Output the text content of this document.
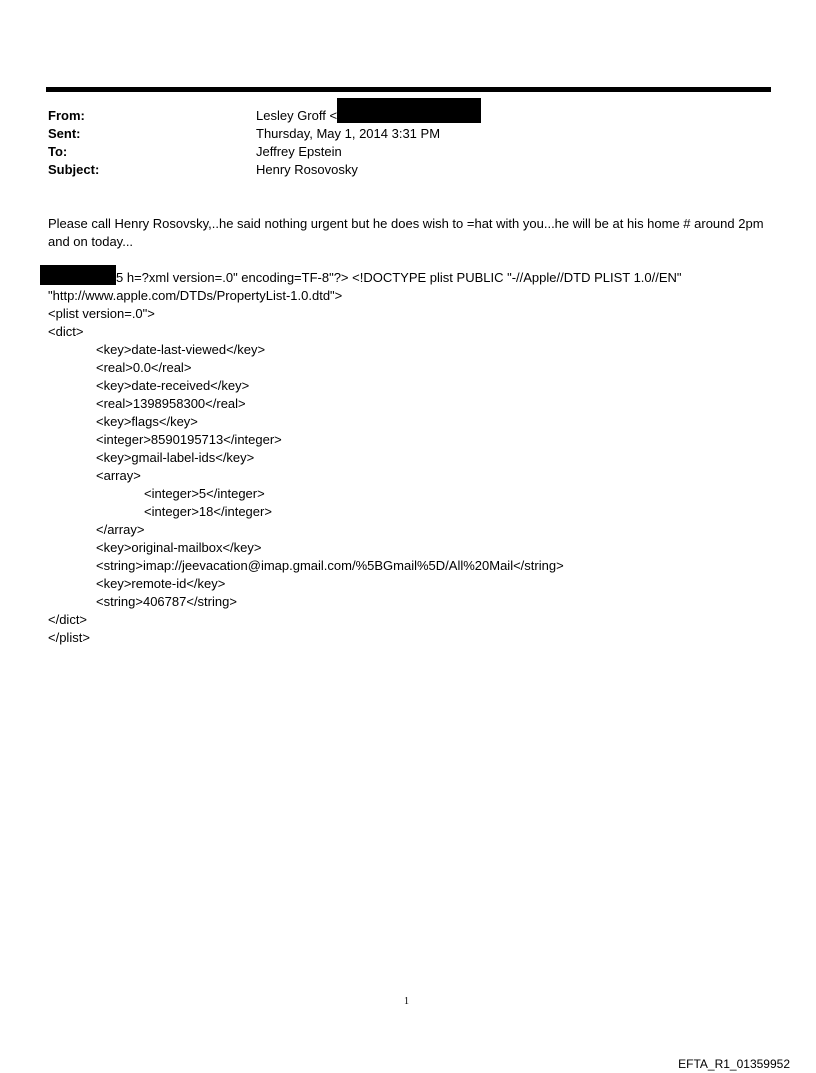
From:	Lesley Groff <
Sent:	Thursday, May 1, 2014 3:31 PM
To:	Jeffrey Epstein
Subject:	Henry Rosovosky
Please call Henry Rosovsky,..he said nothing urgent but he does wish to =hat with you...he will be at his home # around 2pm and on today...
5 h=?xml version=.0" encoding=TF-8"?> <!DOCTYPE plist PUBLIC "-//Apple//DTD PLIST 1.0//EN"
"http://www.apple.com/DTDs/PropertyList-1.0.dtd">
<plist version=.0">
<dict>
<key>date-last-viewed</key>
<real>0.0</real>
<key>date-received</key>
<real>1398958300</real>
<key>flags</key>
<integer>8590195713</integer>
<key>gmail-label-ids</key>
<array>
<integer>5</integer>
<integer>18</integer>
</array>
<key>original-mailbox</key>
<string>imap://jeevacation@imap.gmail.com/%5BGmail%5D/All%20Mail</string>
<key>remote-id</key>
<string>406787</string>
</dict>
</plist>
1
EFTA_R1_01359952
